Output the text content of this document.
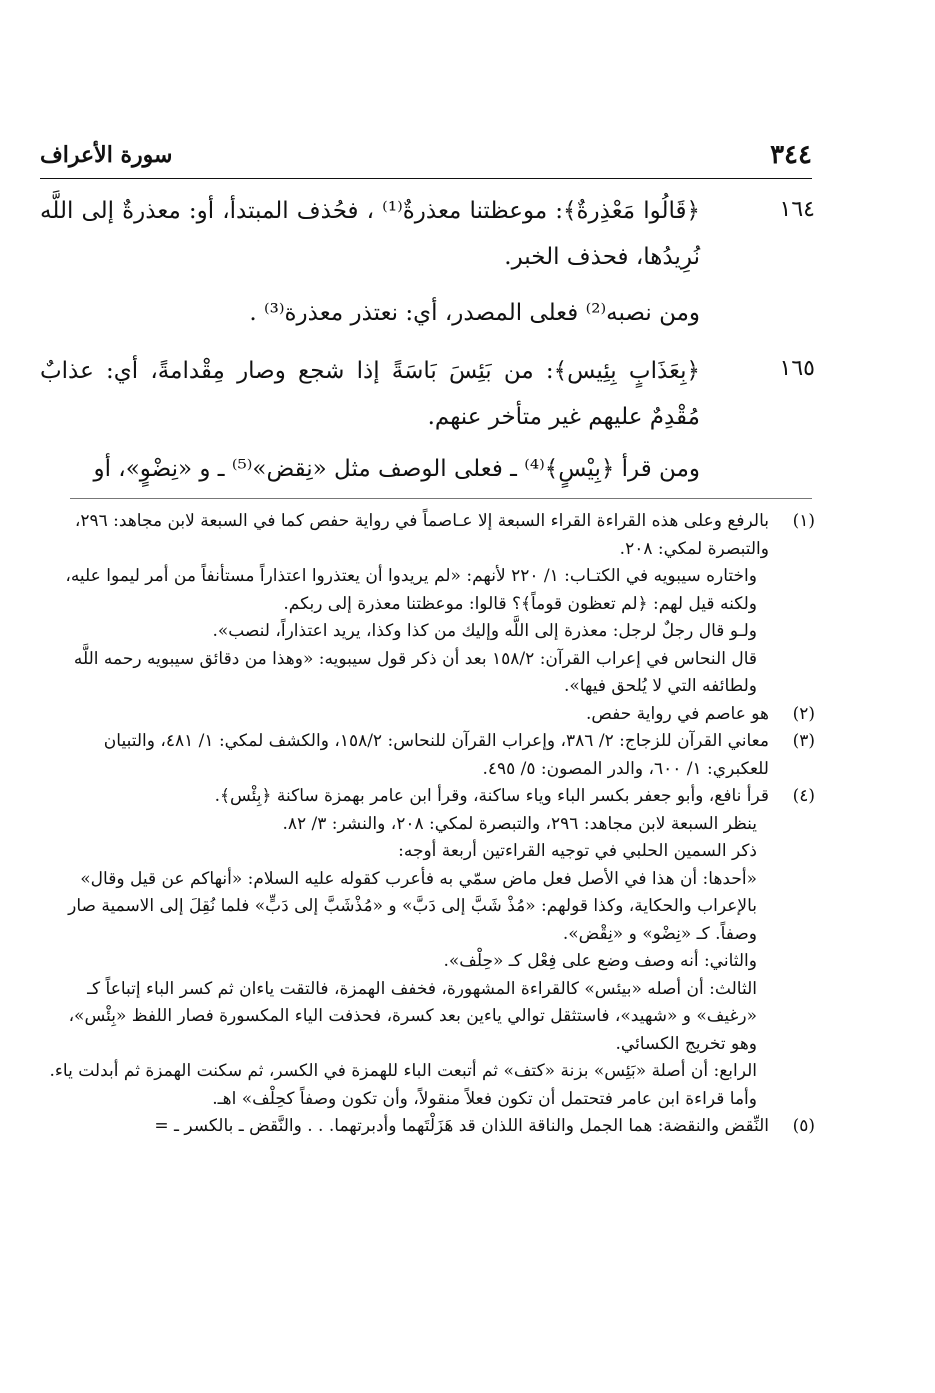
٣٤٤
سورة الأعراف
١٦٤
﴿قَالُوا مَعْذِرةٌ﴾: موعظتنا معذرةٌ⁽¹⁾ ، فحُذف المبتدأ، أو: معذرةٌ إلى اللَّه نُرِيدُها، فحذف الخبر.
ومن نصبه⁽²⁾ فعلى المصدر، أي: نعتذر معذرة⁽³⁾ .
١٦٥
﴿بِعَذَابٍ بِئِيس﴾: من بَئِسَ بَاسَةً إذا شجع وصار مِقْدامةً، أي: عذابٌ مُقْدِمٌ عليهم غير متأخر عنهم.
ومن قرأ ﴿بِيْسٍ﴾⁽⁴⁾ ـ فعلى الوصف مثل «نِقض»⁽⁵⁾ ـ و «نِضْوٍ»، أو
(١)

بالرفع وعلى هذه القراءة القراء السبعة إلا عـاصماً في رواية حفص كما في السبعة لابن مجاهد: ٢٩٦، والتبصرة لمكي: ٢٠٨.

واختاره سيبويه في الكتـاب: ١/ ٢٢٠ لأنهم: «لم يريدوا أن يعتذروا اعتذاراً مستأنفاً من أمر ليموا عليه، ولكنه قيل لهم: ﴿لم تعظون قوماً﴾؟ قالوا: موعظتنا معذرة إلى ربكم.

ولـو قال رجلٌ لرجل: معذرة إلى اللَّه وإليك من كذا وكذا، يريد اعتذاراً، لنصب».

قال النحاس في إعراب القرآن: ١٥٨/٢ بعد أن ذكر قول سيبويه: «وهذا من دقائق سيبويه رحمه اللَّه ولطائفه التي لا يُلحق فيها».

(٢)

هو عاصم في رواية حفص.

(٣)

معاني القرآن للزجاج: ٢/ ٣٨٦، وإعراب القرآن للنحاس: ١٥٨/٢، والكشف لمكي: ١/ ٤٨١، والتبيان للعكبري: ١/ ٦٠٠، والدر المصون: ٥/ ٤٩٥.

(٤)

قرأ نافع، وأبو جعفر بكسر الباء وياء ساكنة، وقرأ ابن عامر بهمزة ساكنة ﴿بِئْس﴾.

ينظر السبعة لابن مجاهد: ٢٩٦، والتبصرة لمكي: ٢٠٨، والنشر: ٣/ ٨٢.

ذكر السمين الحلبي في توجيه القراءتين أربعة أوجه:

«أحدها: أن هذا في الأصل فعل ماض سمّي به فأعرب كقوله عليه السلام: «أنهاكم عن قيل وقال» بالإعراب والحكاية، وكذا قولهم: «مُذْ شَبَّ إلى دَبَّ» و «مُذْشَبَّ إلى دَبٍّ» فلما نُقِلَ إلى الاسمية صار وصفاً. كـ «نِضْو» و «نِقْض».

والثاني: أنه وصف وضع على فِعْل كـ «حِلْف».

الثالث: أن أصله «بيئس» كالقراءة المشهورة، فخفف الهمزة، فالتقت ياءان ثم كسر الباء إتباعاً كـ «رغيف» و «شهيد»، فاستثقل توالي ياءين بعد كسرة، فحذفت الياء المكسورة فصار اللفظ «بِئْس»، وهو تخريج الكسائي.

الرابع: أن أصلة «بَئِس» بزنة «كتف» ثم أتبعت الباء للهمزة في الكسر، ثم سكنت الهمزة ثم أبدلت ياء. وأما قراءة ابن عامر فتحتمل أن تكون فعلاً منقولاً، وأن تكون وصفاً كحِلْف» اهـ.

(٥)

النِّقض والنقضة: هما الجمل والناقة اللذان قد هَزَلْتَهما وأدبرتهما. . . والنَّقض ـ بالكسر ـ =
